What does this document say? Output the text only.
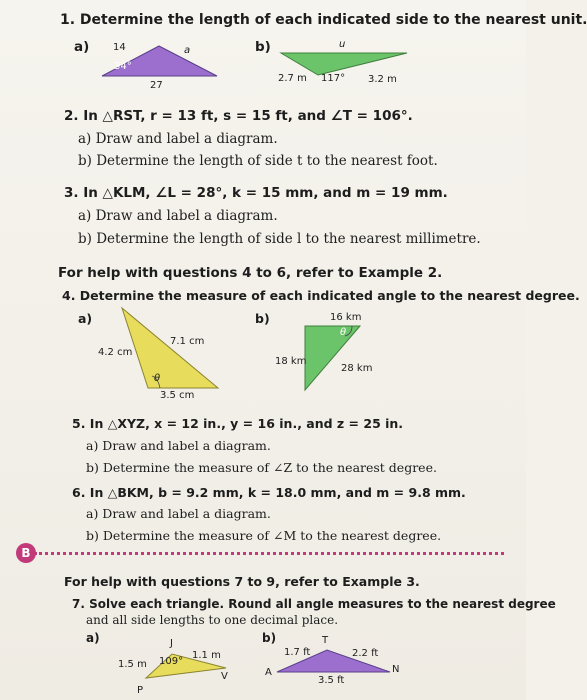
1. Determine the length of each indicated side to the nearest unit.
a)	b)
14
34°
a
27
u
2.7 m 117° 3.2 m
2. In △RST, r = 13 ft, s = 15 ft, and ∠T = 106°.
a) Draw and label a diagram.
b) Determine the length of side t to the nearest foot.
3. In △KLM, ∠L = 28°, k = 15 mm, and m = 19 mm.
a) Draw and label a diagram.
b) Determine the length of side l to the nearest millimetre.
For help with questions 4 to 6, refer to Example 2.
4. Determine the measure of each indicated angle to the nearest degree.
a)	b)
4.2 cm
7.1 cm
θ
3.5 cm
16 km
18 km
28 km
θ
5. In △XYZ, x = 12 in., y = 16 in., and z = 25 in.
a) Draw and label a diagram.
b) Determine the measure of ∠Z to the nearest degree.
6. In △BKM, b = 9.2 mm, k = 18.0 mm, and m = 9.8 mm.
a) Draw and label a diagram.
b) Determine the measure of ∠M to the nearest degree.
B
For help with questions 7 to 9, refer to Example 3.
7. Solve each triangle. Round all angle measures to the nearest degree
and all side lengths to one decimal place.
a)	b)
J
1.5 m 109°
1.1 m
V
P
T
1.7 ft	2.2 ft
3.5 ft
A	N
